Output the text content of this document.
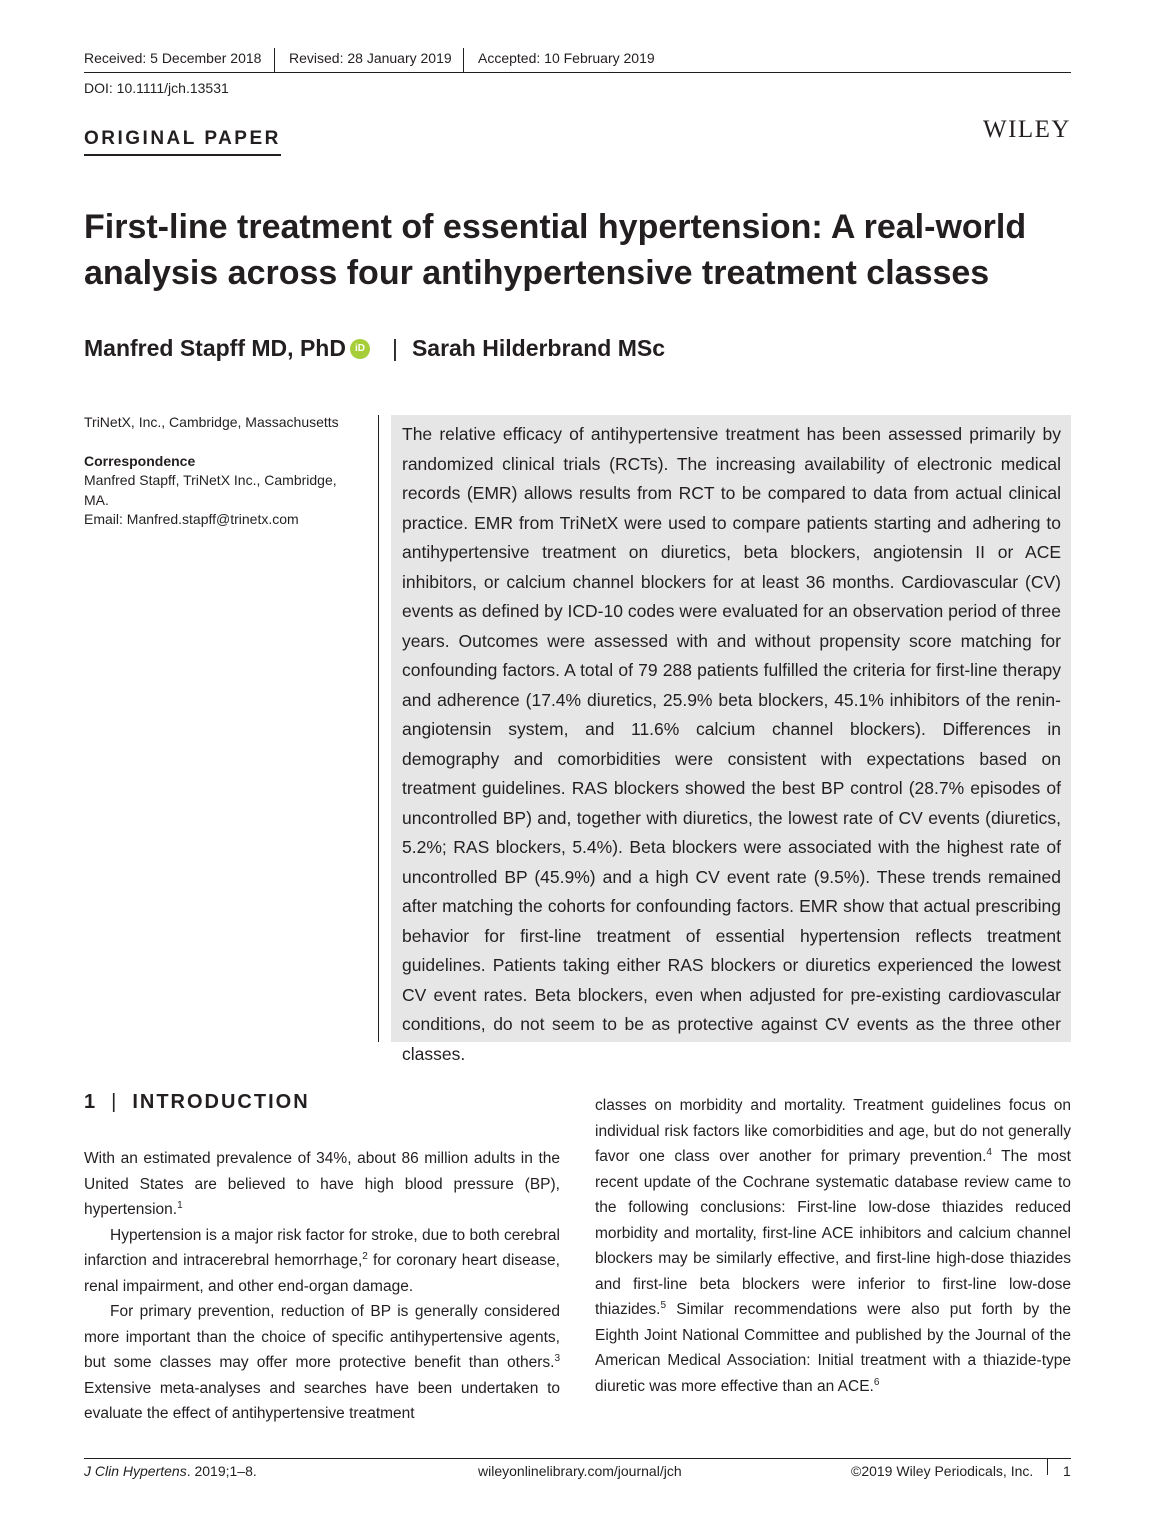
Received: 5 December 2018 Revised: 28 January 2019 Accepted: 10 February 2019
DOI: 10.1111/jch.13531
ORIGINAL PAPER	WILEY
First-line treatment of essential hypertension: A real-world analysis across four antihypertensive treatment classes
Manfred Stapff MD, PhD iD | Sarah Hilderbrand MSc

TriNetX, Inc., Cambridge, Massachusetts

Correspondence

Manfred Stapff, TriNetX Inc., Cambridge, MA.

Email: Manfred.stapff@trinetx.com

The relative efficacy of antihypertensive treatment has been assessed primarily by randomized clinical trials (RCTs). The increasing availability of electronic medical records (EMR) allows results from RCT to be compared to data from actual clinical practice. EMR from TriNetX were used to compare patients starting and adhering to antihypertensive treatment on diuretics, beta blockers, angiotensin II or ACE inhibitors, or calcium channel blockers for at least 36 months. Cardiovascular (CV) events as defined by ICD-10 codes were evaluated for an observation period of three years. Outcomes were assessed with and without propensity score matching for confounding factors. A total of 79 288 patients fulfilled the criteria for first-line therapy and adherence (17.4% diuretics, 25.9% beta blockers, 45.1% inhibitors of the renin-angiotensin system, and 11.6% calcium channel blockers). Differences in demography and comorbidities were consistent with expectations based on treatment guidelines. RAS blockers showed the best BP control (28.7% episodes of uncontrolled BP) and, together with diuretics, the lowest rate of CV events (diuretics, 5.2%; RAS blockers, 5.4%). Beta blockers were associated with the highest rate of uncontrolled BP (45.9%) and a high CV event rate (9.5%). These trends remained after matching the cohorts for confounding factors. EMR show that actual prescribing behavior for first-line treatment of essential hypertension reflects treatment guidelines. Patients taking either RAS blockers or diuretics experienced the lowest CV event rates. Beta blockers, even when adjusted for pre-existing cardiovascular conditions, do not seem to be as protective against CV events as the three other classes.
1 | INTRODUCTION

With an estimated prevalence of 34%, about 86 million adults in the United States are believed to have high blood pressure (BP), hypertension.$^1$

Hypertension is a major risk factor for stroke, due to both cerebral infarction and intracerebral hemorrhage,$^2$ for coronary heart disease, renal impairment, and other end-organ damage.

For primary prevention, reduction of BP is generally considered more important than the choice of specific antihypertensive agents, but some classes may offer more protective benefit than others.$^3$ Extensive meta-analyses and searches have been undertaken to evaluate the effect of antihypertensive treatment

classes on morbidity and mortality. Treatment guidelines focus on individual risk factors like comorbidities and age, but do not generally favor one class over another for primary prevention.$^4$ The most recent update of the Cochrane systematic database review came to the following conclusions: First-line low-dose thiazides reduced morbidity and mortality, first-line ACE inhibitors and calcium channel blockers may be similarly effective, and first-line high-dose thiazides and first-line beta blockers were inferior to first-line low-dose thiazides.$^5$ Similar recommendations were also put forth by the Eighth Joint National Committee and published by the Journal of the American Medical Association: Initial treatment with a thiazide-type diuretic was more effective than an ACE.$^6$

J Clin Hypertens. 2019;1–8.	wileyonlinelibrary.com/journal/jch	©2019 Wiley Periodicals, Inc. 1
